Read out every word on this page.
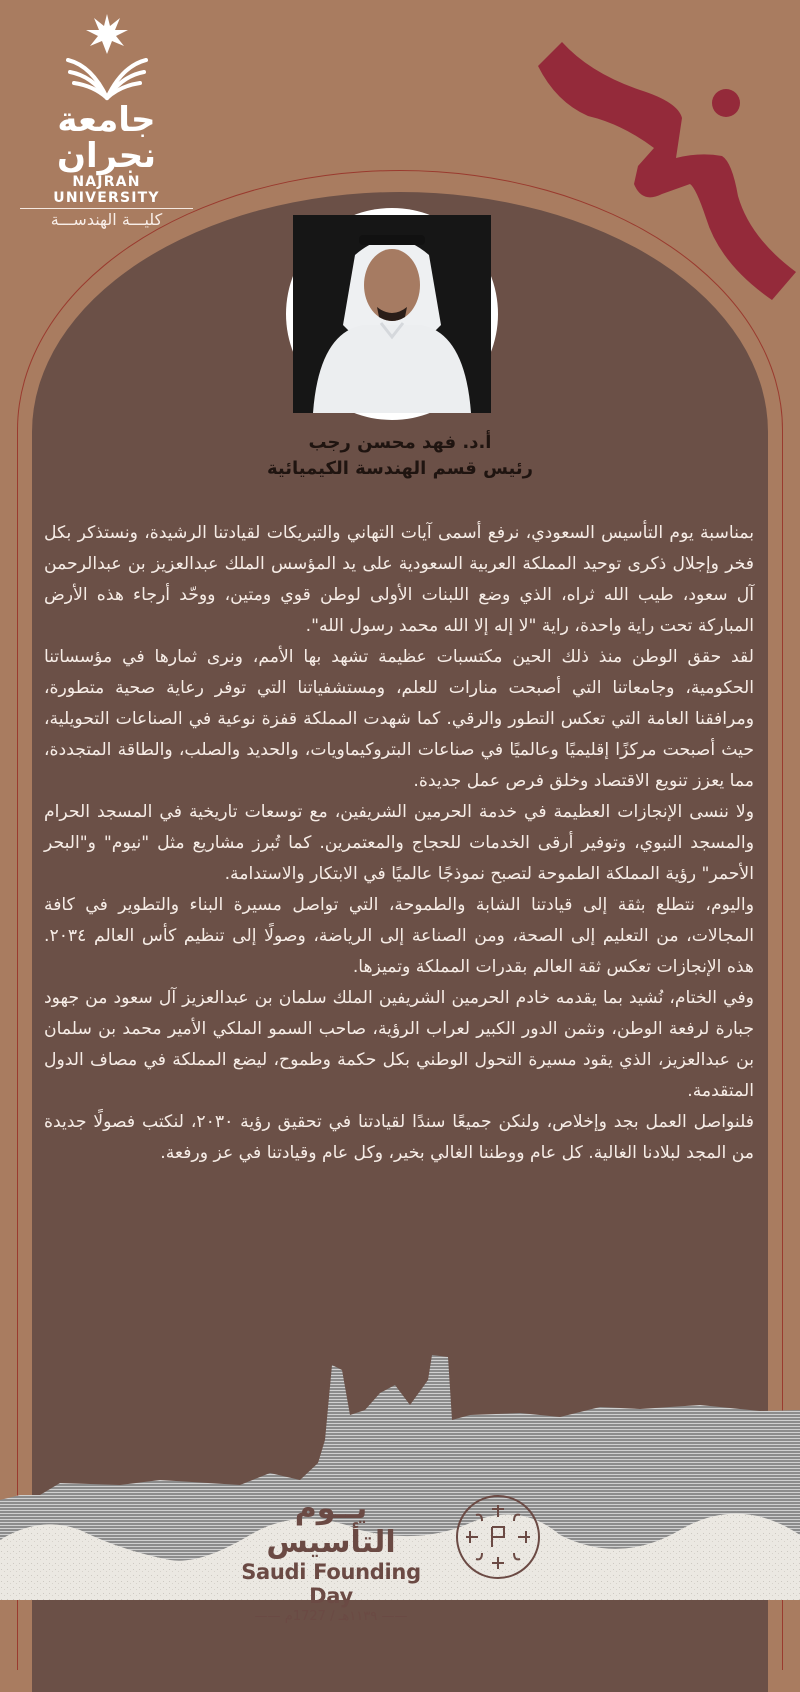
جامعة نجران
NAJRAN UNIVERSITY
كليـــة الهندســـة
أ.د. فهد محسن رجب
رئيس قسم الهندسة الكيميائية

بمناسبة يوم التأسيس السعودي، نرفع أسمى آيات التهاني والتبريكات لقيادتنا الرشيدة، ونستذكر بكل فخر وإجلال ذكرى توحيد المملكة العربية السعودية على يد المؤسس الملك عبدالعزيز بن عبدالرحمن آل سعود، طيب الله ثراه، الذي وضع اللبنات الأولى لوطن قوي ومتين، ووحّد أرجاء هذه الأرض المباركة تحت راية واحدة، راية "لا إله إلا الله محمد رسول الله".

لقد حقق الوطن منذ ذلك الحين مكتسبات عظيمة تشهد بها الأمم، ونرى ثمارها في مؤسساتنا الحكومية، وجامعاتنا التي أصبحت منارات للعلم، ومستشفياتنا التي توفر رعاية صحية متطورة، ومرافقنا العامة التي تعكس التطور والرقي. كما شهدت المملكة قفزة نوعية في الصناعات التحويلية، حيث أصبحت مركزًا إقليميًا وعالميًا في صناعات البتروكيماويات، والحديد والصلب، والطاقة المتجددة، مما يعزز تنويع الاقتصاد وخلق فرص عمل جديدة.

ولا ننسى الإنجازات العظيمة في خدمة الحرمين الشريفين، مع توسعات تاريخية في المسجد الحرام والمسجد النبوي، وتوفير أرقى الخدمات للحجاج والمعتمرين. كما تُبرز مشاريع مثل "نيوم" و"البحر الأحمر" رؤية المملكة الطموحة لتصبح نموذجًا عالميًا في الابتكار والاستدامة.

واليوم، نتطلع بثقة إلى قيادتنا الشابة والطموحة، التي تواصل مسيرة البناء والتطوير في كافة المجالات، من التعليم إلى الصحة، ومن الصناعة إلى الرياضة، وصولًا إلى تنظيم كأس العالم ٢٠٣٤. هذه الإنجازات تعكس ثقة العالم بقدرات المملكة وتميزها.

وفي الختام، نُشيد بما يقدمه خادم الحرمين الشريفين الملك سلمان بن عبدالعزيز آل سعود من جهود جبارة لرفعة الوطن، ونثمن الدور الكبير لعراب الرؤية، صاحب السمو الملكي الأمير محمد بن سلمان بن عبدالعزيز، الذي يقود مسيرة التحول الوطني بكل حكمة وطموح، ليضع المملكة في مصاف الدول المتقدمة.

فلنواصل العمل بجد وإخلاص، ولنكن جميعًا سندًا لقيادتنا في تحقيق رؤية ٢٠٣٠، لنكتب فصولًا جديدة من المجد لبلادنا الغالية. كل عام ووطننا الغالي بخير، وكل عام وقيادتنا في عز ورفعة.

يــوم التأسيس
Saudi Founding Day
—— ١١٣٩هـ / 1727م ——
